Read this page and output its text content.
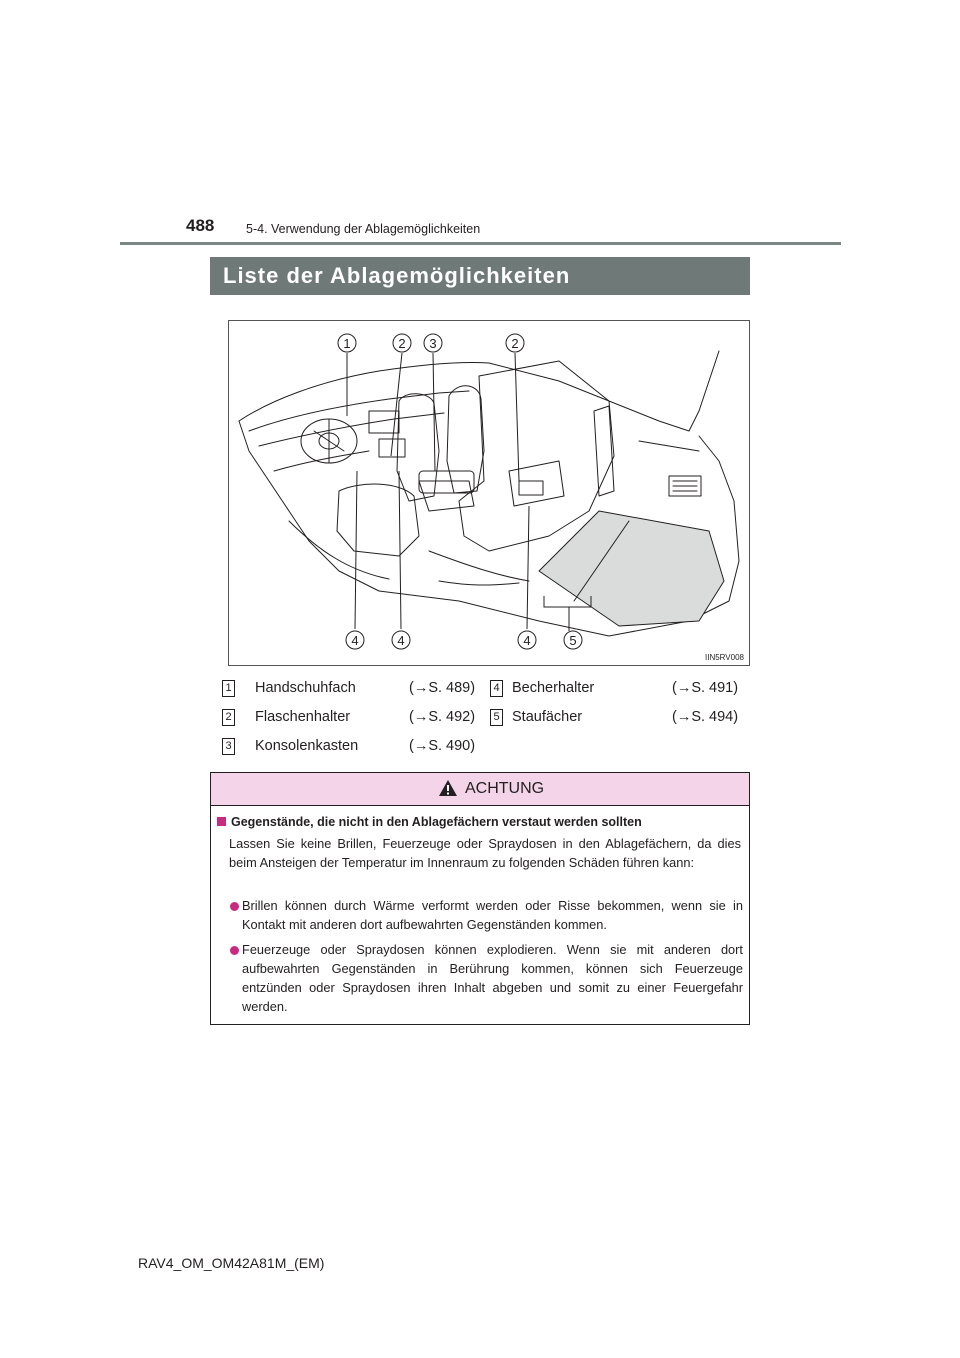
488	5-4. Verwendung der Ablagemöglichkeiten
Liste der Ablagemöglichkeiten
1	2 3	2
4	4	4	5
IIN5RV008
1 Handschuhfach	(→S. 489)
2 Flaschenhalter	(→S. 492)
3 Konsolenkasten	(→S. 490)
4 Becherhalter	(→S. 491)
5 Staufächer	(→S. 494)
ACHTUNG
Gegenstände, die nicht in den Ablagefächern verstaut werden sollten
Lassen Sie keine Brillen, Feuerzeuge oder Spraydosen in den Ablagefächern, da dies beim Ansteigen der Temperatur im Innenraum zu folgenden Schäden führen kann:
Brillen können durch Wärme verformt werden oder Risse bekommen, wenn sie in Kontakt mit anderen dort aufbewahrten Gegenständen kommen.
Feuerzeuge oder Spraydosen können explodieren. Wenn sie mit anderen dort aufbewahrten Gegenständen in Berührung kommen, können sich Feuerzeuge entzünden oder Spraydosen ihren Inhalt abgeben und somit zu einer Feuergefahr werden.
RAV4_OM_OM42A81M_(EM)
